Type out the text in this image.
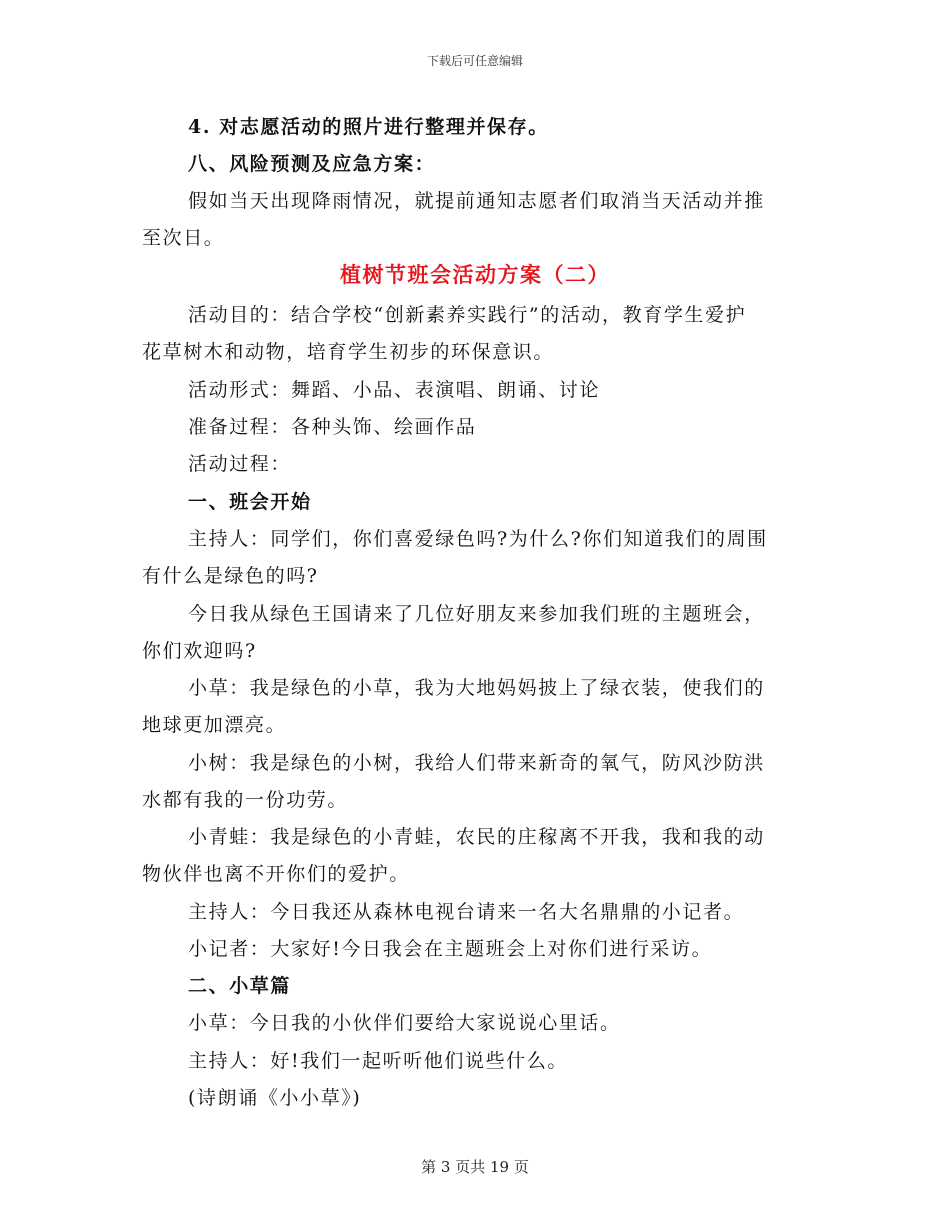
下载后可任意编辑
4. 对志愿活动的照片进行整理并保存。
八、风险预测及应急方案：
假如当天出现降雨情况，就提前通知志愿者们取消当天活动并推
至次日。
植树节班会活动方案（二）
活动目的：结合学校“创新素养实践行”的活动，教育学生爱护
花草树木和动物，培育学生初步的环保意识。
活动形式：舞蹈、小品、表演唱、朗诵、讨论
准备过程：各种头饰、绘画作品
活动过程：
一、班会开始
主持人：同学们，你们喜爱绿色吗?为什么?你们知道我们的周围
有什么是绿色的吗?
今日我从绿色王国请来了几位好朋友来参加我们班的主题班会，
你们欢迎吗?
小草：我是绿色的小草，我为大地妈妈披上了绿衣装，使我们的
地球更加漂亮。
小树：我是绿色的小树，我给人们带来新奇的氧气，防风沙防洪
水都有我的一份功劳。
小青蛙：我是绿色的小青蛙，农民的庄稼离不开我，我和我的动
物伙伴也离不开你们的爱护。
主持人：今日我还从森林电视台请来一名大名鼎鼎的小记者。
小记者：大家好!今日我会在主题班会上对你们进行采访。
二、小草篇
小草：今日我的小伙伴们要给大家说说心里话。
主持人：好!我们一起听听他们说些什么。
(诗朗诵《小小草》)
第 3 页共 19 页
